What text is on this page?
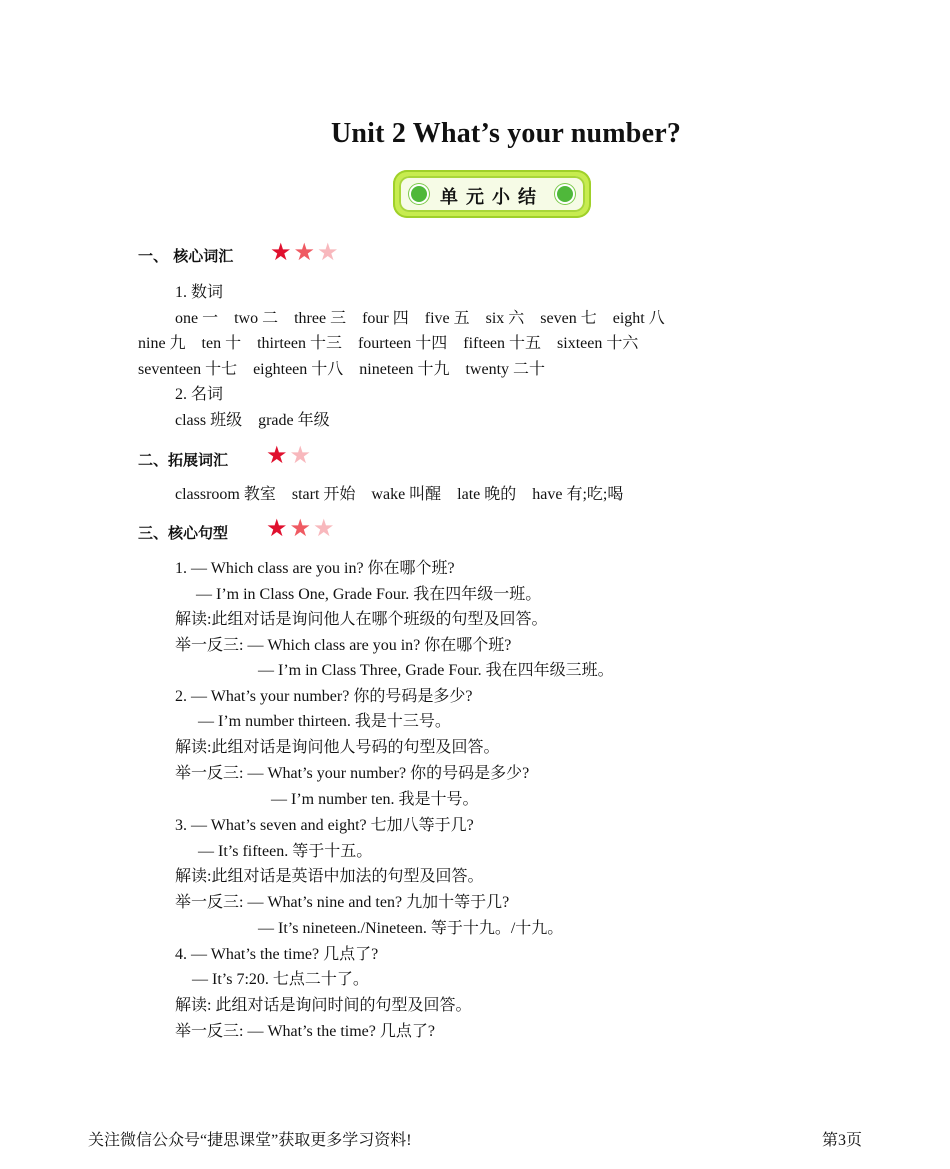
Unit 2 What’s your number?
单元小结
一、 核心词汇 ★ ★ ★
1. 数词
one 一    two 二    three 三    four 四    five 五    six 六    seven 七    eight 八
nine 九    ten 十    thirteen 十三    fourteen 十四    fifteen 十五    sixteen 十六
seventeen 十七    eighteen 十八    nineteen 十九    twenty 二十
2. 名词
class 班级    grade 年级
二、拓展词汇 ★ ★
classroom 教室    start 开始    wake 叫醒    late 晚的    have 有;吃;喝
三、核心句型 ★ ★ ★
1. — Which class are you in? 你在哪个班?
— I’m in Class One, Grade Four. 我在四年级一班。
解读:此组对话是询问他人在哪个班级的句型及回答。
举一反三: — Which class are you in? 你在哪个班?
— I’m in Class Three, Grade Four. 我在四年级三班。
2. — What’s your number? 你的号码是多少?
— I’m number thirteen. 我是十三号。
解读:此组对话是询问他人号码的句型及回答。
举一反三: — What’s your number? 你的号码是多少?
— I’m number ten. 我是十号。
3. — What’s seven and eight? 七加八等于几?
— It’s fifteen. 等于十五。
解读:此组对话是英语中加法的句型及回答。
举一反三: — What’s nine and ten? 九加十等于几?
— It’s nineteen./Nineteen. 等于十九。/十九。
4. — What’s the time? 几点了?
— It’s 7:20. 七点二十了。
解读: 此组对话是询问时间的句型及回答。
举一反三: — What’s the time? 几点了?
关注微信公众号“捷思课堂”获取更多学习资料!	第3页
